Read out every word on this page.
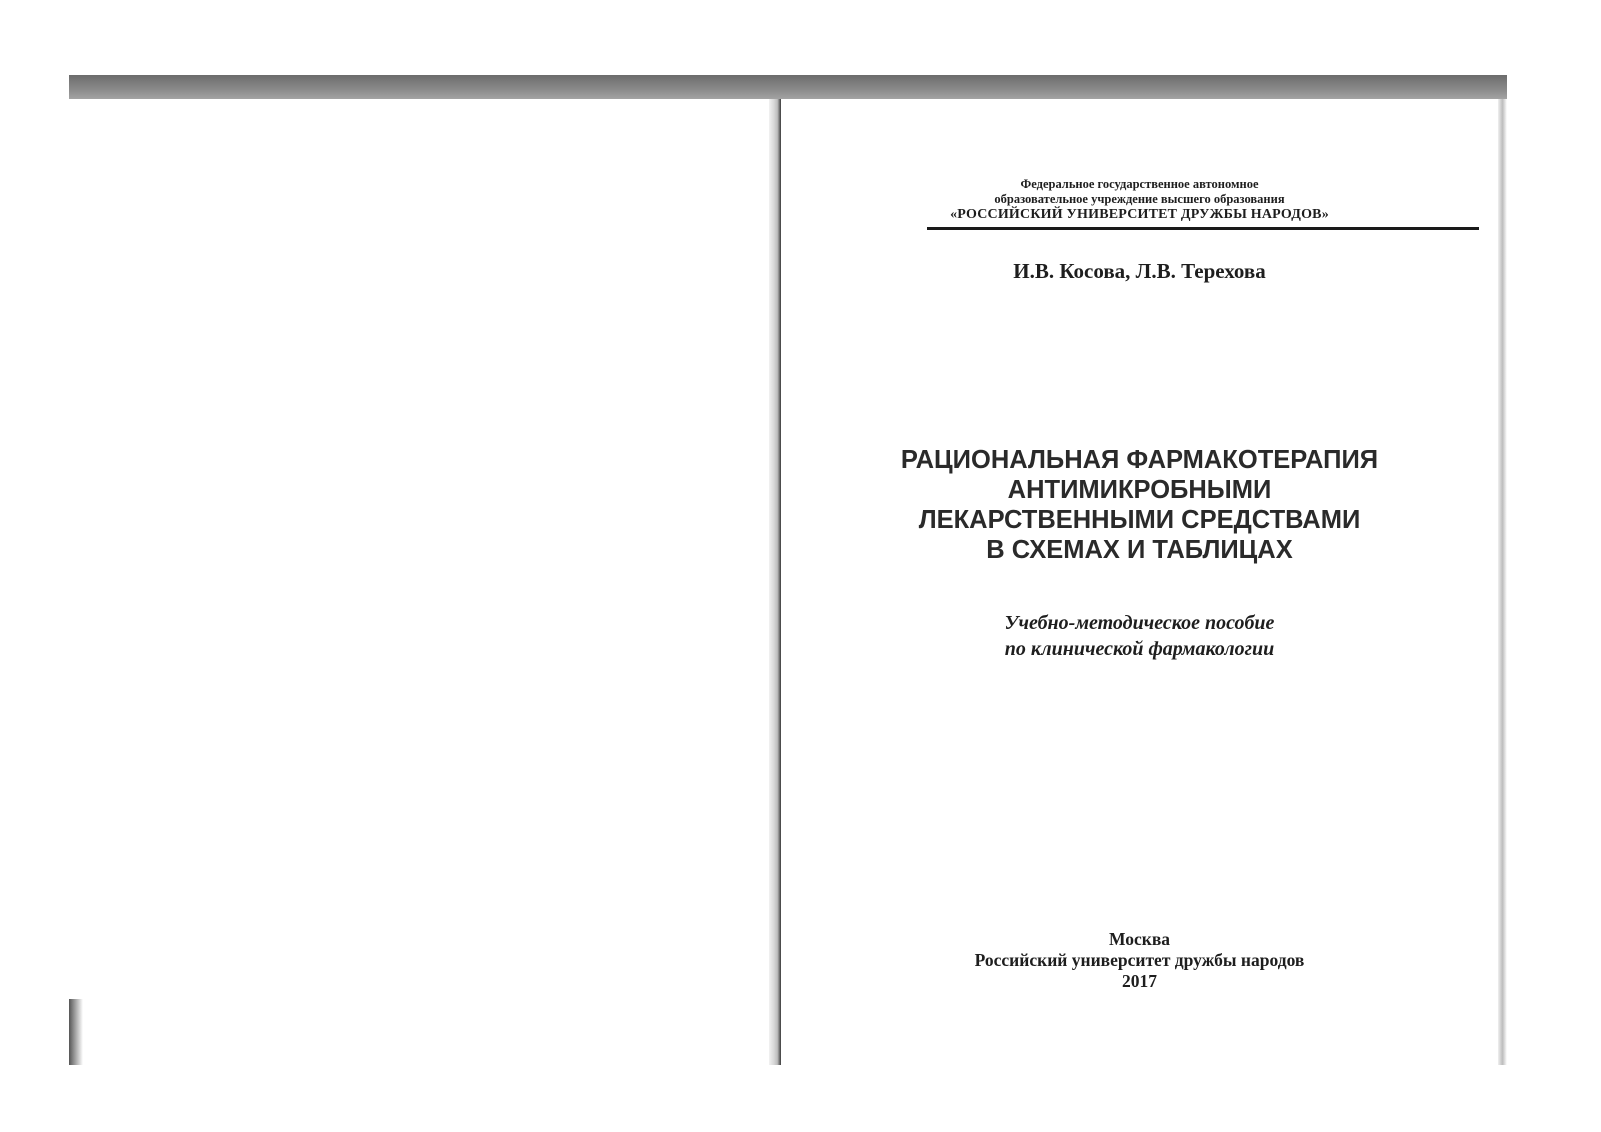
Федеральное государственное автономное
образовательное учреждение высшего образования
«РОССИЙСКИЙ УНИВЕРСИТЕТ ДРУЖБЫ НАРОДОВ»
И.В. Косова, Л.В. Терехова
РАЦИОНАЛЬНАЯ ФАРМАКОТЕРАПИЯ
АНТИМИКРОБНЫМИ
ЛЕКАРСТВЕННЫМИ СРЕДСТВАМИ
В СХЕМАХ И ТАБЛИЦАХ
Учебно-методическое пособие
по клинической фармакологии
Москва
Российский университет дружбы народов
2017
